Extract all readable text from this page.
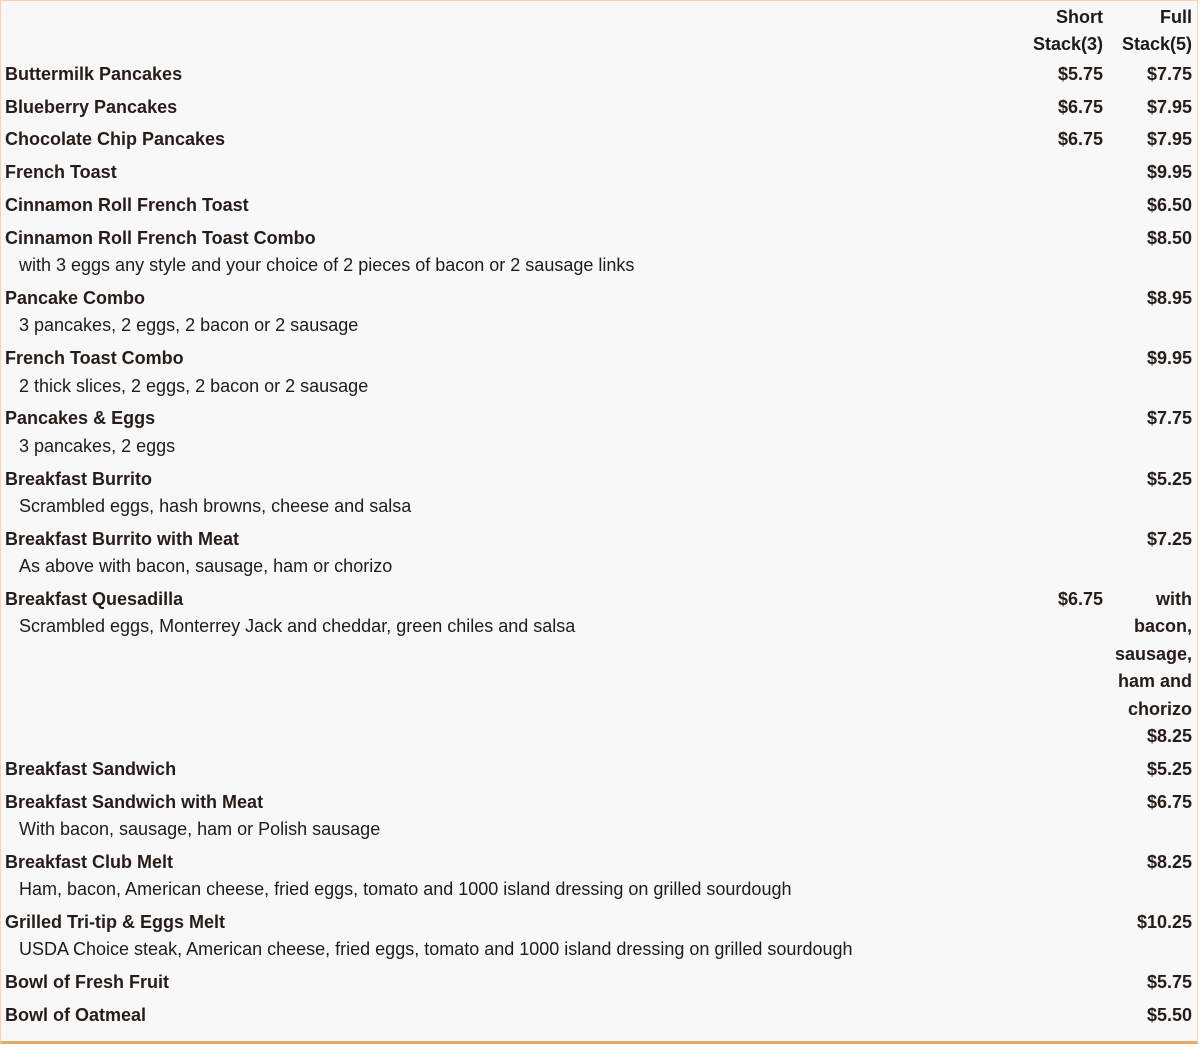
	Short Stack(3)	Full Stack(5)

Buttermilk Pancakes	$5.75	$7.75

Blueberry Pancakes	$6.75	$7.95

Chocolate Chip Pancakes	$6.75	$7.95

French Toast		$9.95

Cinnamon Roll French Toast		$6.50

Cinnamon Roll French Toast Combo
with 3 eggs any style and your choice of 2 pieces of bacon or 2 sausage links		$8.50

Pancake Combo
3 pancakes, 2 eggs, 2 bacon or 2 sausage		$8.95

French Toast Combo
2 thick slices, 2 eggs, 2 bacon or 2 sausage		$9.95

Pancakes & Eggs
3 pancakes, 2 eggs		$7.75

Breakfast Burrito
Scrambled eggs, hash browns, cheese and salsa		$5.25

Breakfast Burrito with Meat
As above with bacon, sausage, ham or chorizo		$7.25

Breakfast Quesadilla
Scrambled eggs, Monterrey Jack and cheddar, green chiles and salsa	$6.75	with bacon, sausage, ham and chorizo $8.25

Breakfast Sandwich		$5.25

Breakfast Sandwich with Meat
With bacon, sausage, ham or Polish sausage		$6.75

Breakfast Club Melt
Ham, bacon, American cheese, fried eggs, tomato and 1000 island dressing on grilled sourdough		$8.25

Grilled Tri-tip & Eggs Melt
USDA Choice steak, American cheese, fried eggs, tomato and 1000 island dressing on grilled sourdough		$10.25

Bowl of Fresh Fruit		$5.75

Bowl of Oatmeal		$5.50
